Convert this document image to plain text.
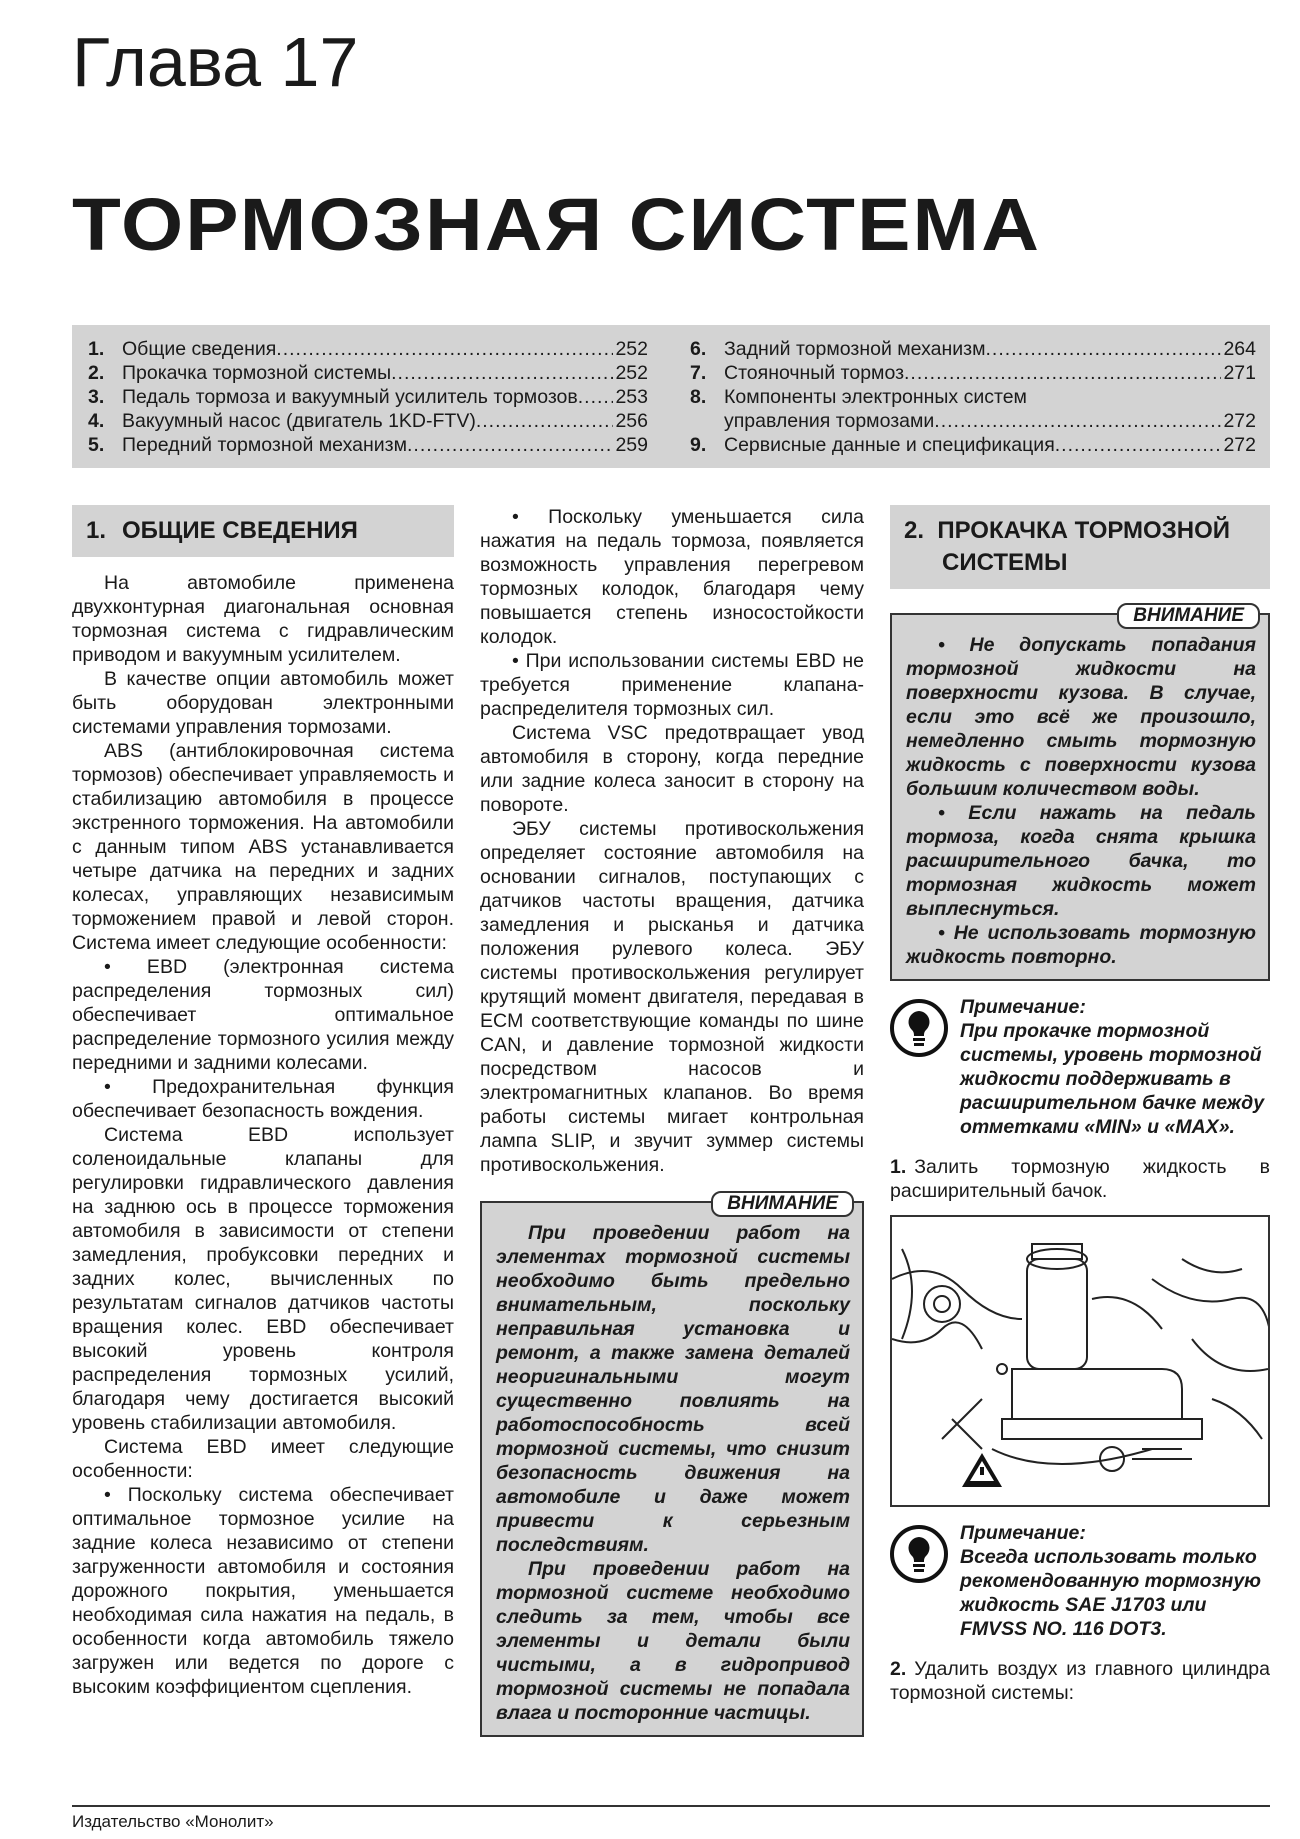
Глава 17
ТОРМОЗНАЯ СИСТЕМА
1. Общие сведения .....	252
2. Прокачка тормозной системы .....	252
3. Педаль тормоза и вакуумный усилитель тормозов ..... 253
4. Вакуумный насос (двигатель 1KD-FTV) .....	256
5. Передний тормозной механизм .....	259
6. Задний тормозной механизм .....	264
7. Стояночный тормоз .....	271
8. Компоненты электронных систем
управления тормозами .....	272
9. Сервисные данные и спецификация .....	272
1. ОБЩИЕ СВЕДЕНИЯ

На автомобиле применена двухконтурная диагональная основная тормозная система с гидравлическим приводом и вакуумным усилителем.

В качестве опции автомобиль может быть оборудован электронными системами управления тормозами.

ABS (антиблокировочная система тормозов) обеспечивает управляемость и стабилизацию автомобиля в процессе экстренного торможения. На автомобили с данным типом ABS устанавливается четыре датчика на передних и задних колесах, управляющих независимым торможением правой и левой сторон. Система имеет следующие особенности:

• EBD (электронная система распределения тормозных сил) обеспечивает оптимальное распределение тормозного усилия между передними и задними колесами.

• Предохранительная функция обеспечивает безопасность вождения.

Система EBD использует соленоидальные клапаны для регулировки гидравлического давления на заднюю ось в процессе торможения автомобиля в зависимости от степени замедления, пробуксовки передних и задних колес, вычисленных по результатам сигналов датчиков частоты вращения колес. EBD обеспечивает высокий уровень контроля распределения тормозных усилий, благодаря чему достигается высокий уровень стабилизации автомобиля.

Система EBD имеет следующие особенности:

• Поскольку система обеспечивает оптимальное тормозное усилие на задние колеса независимо от степени загруженности автомобиля и состояния дорожного покрытия, уменьшается необходимая сила нажатия на педаль, в особенности когда автомобиль тяжело загружен или ведется по дороге с высоким коэффициентом сцепления.

• Поскольку уменьшается сила нажатия на педаль тормоза, появляется возможность управления перегревом тормозных колодок, благодаря чему повышается степень износостойкости колодок.

• При использовании системы EBD не требуется применение клапана-распределителя тормозных сил.

Система VSC предотвращает увод автомобиля в сторону, когда передние или задние колеса заносит в сторону на повороте.

ЭБУ системы противоскольжения определяет состояние автомобиля на основании сигналов, поступающих с датчиков частоты вращения, датчика замедления и рысканья и датчика положения рулевого колеса. ЭБУ системы противоскольжения регулирует крутящий момент двигателя, передавая в ECM соответствующие команды по шине CAN, и давление тормозной жидкости посредством насосов и электромагнитных клапанов. Во время работы системы мигает контрольная лампа SLIP, и звучит зуммер системы противоскольжения.

ВНИМАНИЕ

При проведении работ на элементах тормозной системы необходимо быть предельно внимательным, поскольку неправильная установка и ремонт, а также замена деталей неоригинальными могут существенно повлиять на работоспособность всей тормозной системы, что снизит безопасность движения на автомобиле и даже может привести к серьезным последствиям.

При проведении работ на тормозной системе необходимо следить за тем, чтобы все элементы и детали были чистыми, а в гидропривод тормозной системы не попадала влага и посторонние частицы.

2. ПРОКАЧКА ТОРМОЗНОЙ СИСТЕМЫ
ВНИМАНИЕ

• Не допускать попадания тормозной жидкости на поверхности кузова. В случае, если это всё же произошло, немедленно смыть тормозную жидкость с поверхности кузова большим количеством воды.

• Если нажать на педаль тормоза, когда снята крышка расширительного бачка, то тормозная жидкость может выплеснуться.

• Не использовать тормозную жидкость повторно.

Примечание:
При прокачке тормозной системы, уровень тормозной жидкости поддерживать в расширительном бачке между отметками «MIN» и «MAX».

1. Залить тормозную жидкость в расширительный бачок.

Примечание:
Всегда использовать только рекомендованную тормозную жидкость SAE J1703 или FMVSS NO. 116 DOT3.

2. Удалить воздух из главного цилиндра тормозной системы:

Издательство «Монолит»
